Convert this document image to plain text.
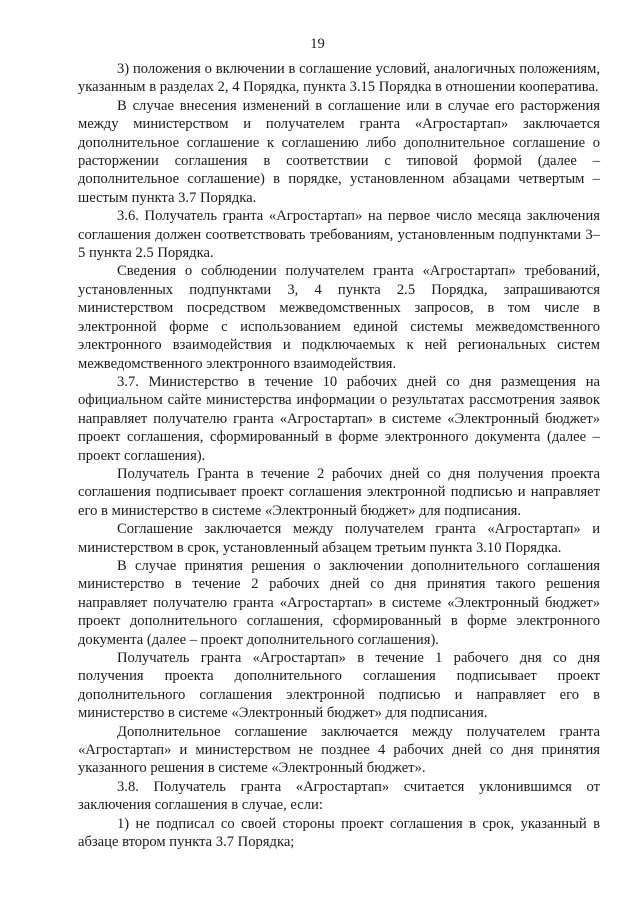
19

3) положения о включении в соглашение условий, аналогичных положениям, указанным в разделах 2, 4 Порядка, пункта 3.15 Порядка в отношении кооператива.

В случае внесения изменений в соглашение или в случае его расторжения между министерством и получателем гранта «Агростартап» заключается дополнительное соглашение к соглашению либо дополнительное соглашение о расторжении соглашения в соответствии с типовой формой (далее – дополнительное соглашение) в порядке, установленном абзацами четвертым – шестым пункта 3.7 Порядка.

3.6. Получатель гранта «Агростартап» на первое число месяца заключения соглашения должен соответствовать требованиям, установленным подпунктами 3–5 пункта 2.5 Порядка.

Сведения о соблюдении получателем гранта «Агростартап» требований, установленных подпунктами 3, 4 пункта 2.5 Порядка, запрашиваются министерством посредством межведомственных запросов, в том числе в электронной форме с использованием единой системы межведомственного электронного взаимодействия и подключаемых к ней региональных систем межведомственного электронного взаимодействия.

3.7. Министерство в течение 10 рабочих дней со дня размещения на официальном сайте министерства информации о результатах рассмотрения заявок направляет получателю гранта «Агростартап» в системе «Электронный бюджет» проект соглашения, сформированный в форме электронного документа (далее – проект соглашения).

Получатель Гранта в течение 2 рабочих дней со дня получения проекта соглашения подписывает проект соглашения электронной подписью и направляет его в министерство в системе «Электронный бюджет» для подписания.

Соглашение заключается между получателем гранта «Агростартап» и министерством в срок, установленный абзацем третьим пункта 3.10 Порядка.

В случае принятия решения о заключении дополнительного соглашения министерство в течение 2 рабочих дней со дня принятия такого решения направляет получателю гранта «Агростартап» в системе «Электронный бюджет» проект дополнительного соглашения, сформированный в форме электронного документа (далее – проект дополнительного соглашения).

Получатель гранта «Агростартап» в течение 1 рабочего дня со дня получения проекта дополнительного соглашения подписывает проект дополнительного соглашения электронной подписью и направляет его в министерство в системе «Электронный бюджет» для подписания.

Дополнительное соглашение заключается между получателем гранта «Агростартап» и министерством не позднее 4 рабочих дней со дня принятия указанного решения в системе «Электронный бюджет».

3.8. Получатель гранта «Агростартап» считается уклонившимся от заключения соглашения в случае, если:

1) не подписал со своей стороны проект соглашения в срок, указанный в абзаце втором пункта 3.7 Порядка;
